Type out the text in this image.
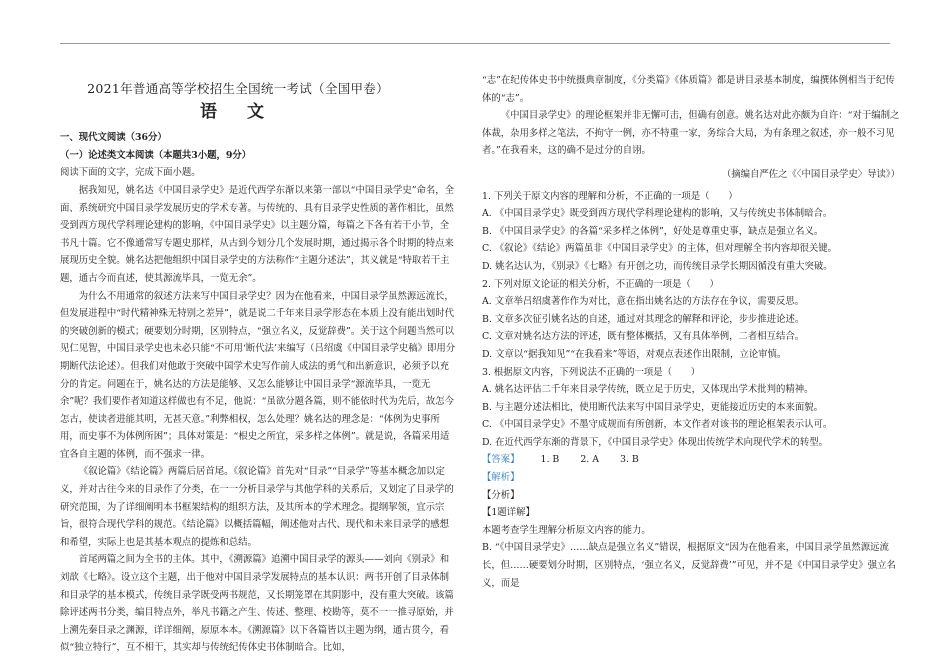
2021年普通高等学校招生全国统一考试（全国甲卷）
语 文
一、现代文阅读（36分）
（一）论述类文本阅读（本题共3小题，9分）
阅读下面的文字，完成下面小题。

据我知见，姚名达《中国目录学史》是近代西学东渐以来第一部以“中国目录学史”命名，全面、系统研究中国目录学发展历史的学术专著。与传统的、具有目录学史性质的著作相比，虽然受到西方现代学科理论建构的影响，《中国目录学史》以主题分篇，每篇之下各有若干小节，全书凡十篇。它不像通常写专题史那样，从古到今划分几个发展时期，通过揭示各个时期的特点来展现历史全貌。姚名达把他组织中国目录学史的方法称作“主题分述法”，其义就是“特取若干主题，通古今而直述，使其源流毕具，一览无余”。

为什么不用通常的叙述方法来写中国目录学史？因为在他看来，中国目录学虽然源远流长，但发展进程中“时代精神殊无特别之差异”，就是说二千年来目录学形态在本质上没有能出划时代的突破创新的模式；硬要划分时期，区别特点，“强立名义，反觉辞费”。关于这个问题当然可以见仁见智，中国目录学史也未必只能“不可用‘断代法’来编写（吕绍虞《中国目录学史稿》即用分期断代法论述）。但我们对他敢于突破中国学术史写作前人成法的勇气和出新意识，必须予以充分的肯定。问题在于，姚名达的方法是能够、又怎么能够让中国目录学“源流毕具，一览无余”呢？我们要作者知道这样做也有不足，他说：“虽欲分题各篇，则不能依时代为先后，故怎今怎古，使读者进能其明，无甚天意。”利弊相权，怎么处理？姚名达的理念是：“体例为史事所用，而史事不为体例所困”；具体对策是：“根史之所宜，采多样之体例”。就是说，各篇采用适宜各自主题的体例，而不强求一律。

《叙论篇》《结论篇》两篇后居首尾。《叙论篇》首先对“目录”“目录学”等基本概念加以定义，并对古往今来的目录作了分类，在一一分析目录学与其他学科的关系后，又划定了目录学的研究范围，为了详细阐明本书框架结构的组织方法，及其所本的学术理念。提纲挈领，宜示宗旨，很符合现代学科的规范。《结论篇》以概括篇幅，阐述他对古代、现代和未来目录学的感想和希望，实际上也是其基本观点的提炼和总结。

首尾两篇之间为全书的主体。其中，《溯源篇》追溯中国目录学的源头——刘向《别录》和刘歆《七略》。设立这个主题，出于他对中国目录学发展特点的基本认识：两书开创了目录体制和目录学的基本模式，传统目录学既受两书规范，又长期笼罩在其阴影中，没有重大突破。该篇除评述两书分类，编目特点外，举凡书籍之产生、传述、整理、校勘等，莫不一一推寻原始，并上溯先秦目录之渊源，详详细阐，原原本本。《溯源篇》以下各篇皆以主题为纲，通古贯今，看似“独立特行”，互不相干，其实却与传统纪传体史书体制暗合。比如，

“志”在纪传体史书中统摄典章制度，《分类篇》《体质篇》都是讲目录基本制度，编撰体例相当于纪传体的“志”。

《中国目录学史》的理论框架并非无懈可击，但确有创意。姚名达对此亦颇为自许：“对于编制之体裁，杂用多样之笔法，不拘守一例，亦不特重一家，务综合大局，为有条理之叙述，亦一般不习见者。”在我看来，这的确不是过分的自诩。

（摘编自严佐之《〈中国目录学史〉导读》）
1. 下列关于原文内容的理解和分析，不正确的一项是（　　）
A. 《中国目录学史》既受到西方现代学科理论建构的影响，又与传统史书体制暗合。
B. 《中国目录学史》的各篇“采多样之体例”，好处是尊重史事，缺点是强立名义。
C. 《叙论》《结论》两篇虽非《中国目录学史》的主体，但对理解全书内容却很关键。
D. 姚名达认为，《别录》《七略》有开创之功，而传统目录学长期因循没有重大突破。
2. 下列对原文论证的相关分析，不正确的一项是（　　）
A. 文章举吕绍虞著作作为对比，意在指出姚名达的方法存在争议，需要反思。
B. 文章多次征引姚名达的自述，通过对其理念的解释和评论，步步推进论述。
C. 文章对姚名达方法的评述，既有整体概括，又有具体举例，二者相互结合。
D. 文章以“据我知见”“在我看来”等语，对观点表述作出限制，立论审慎。
3. 根据原文内容，下列说法不正确的一项是（　　）
A. 姚名达评估二千年来目录学传统，既立足于历史，又体现出学术批判的精神。
B. 与主题分述法相比，使用断代法来写中国目录学史，更能接近历史的本来面貌。
C. 《中国目录学史》不墨守成规而有所创新，本文作者对该书的理论框架表示认可。
D. 在近代西学东渐的背景下，《中国目录学史》体现出传统学术向现代学术的转型。
【答案】 1. B 2. A 3. B
【解析】
【分析】
【1题详解】
本题考查学生理解分析原文内容的能力。
B. “《中国目录学史》……缺点是强立名义”错误，根据原文“因为在他看来，中国目录学虽然源远流长，但……硬要划分时期，区别特点，‘强立名义，反觉辞费’”可见，并不是《中国目录学史》强立名义，而是
